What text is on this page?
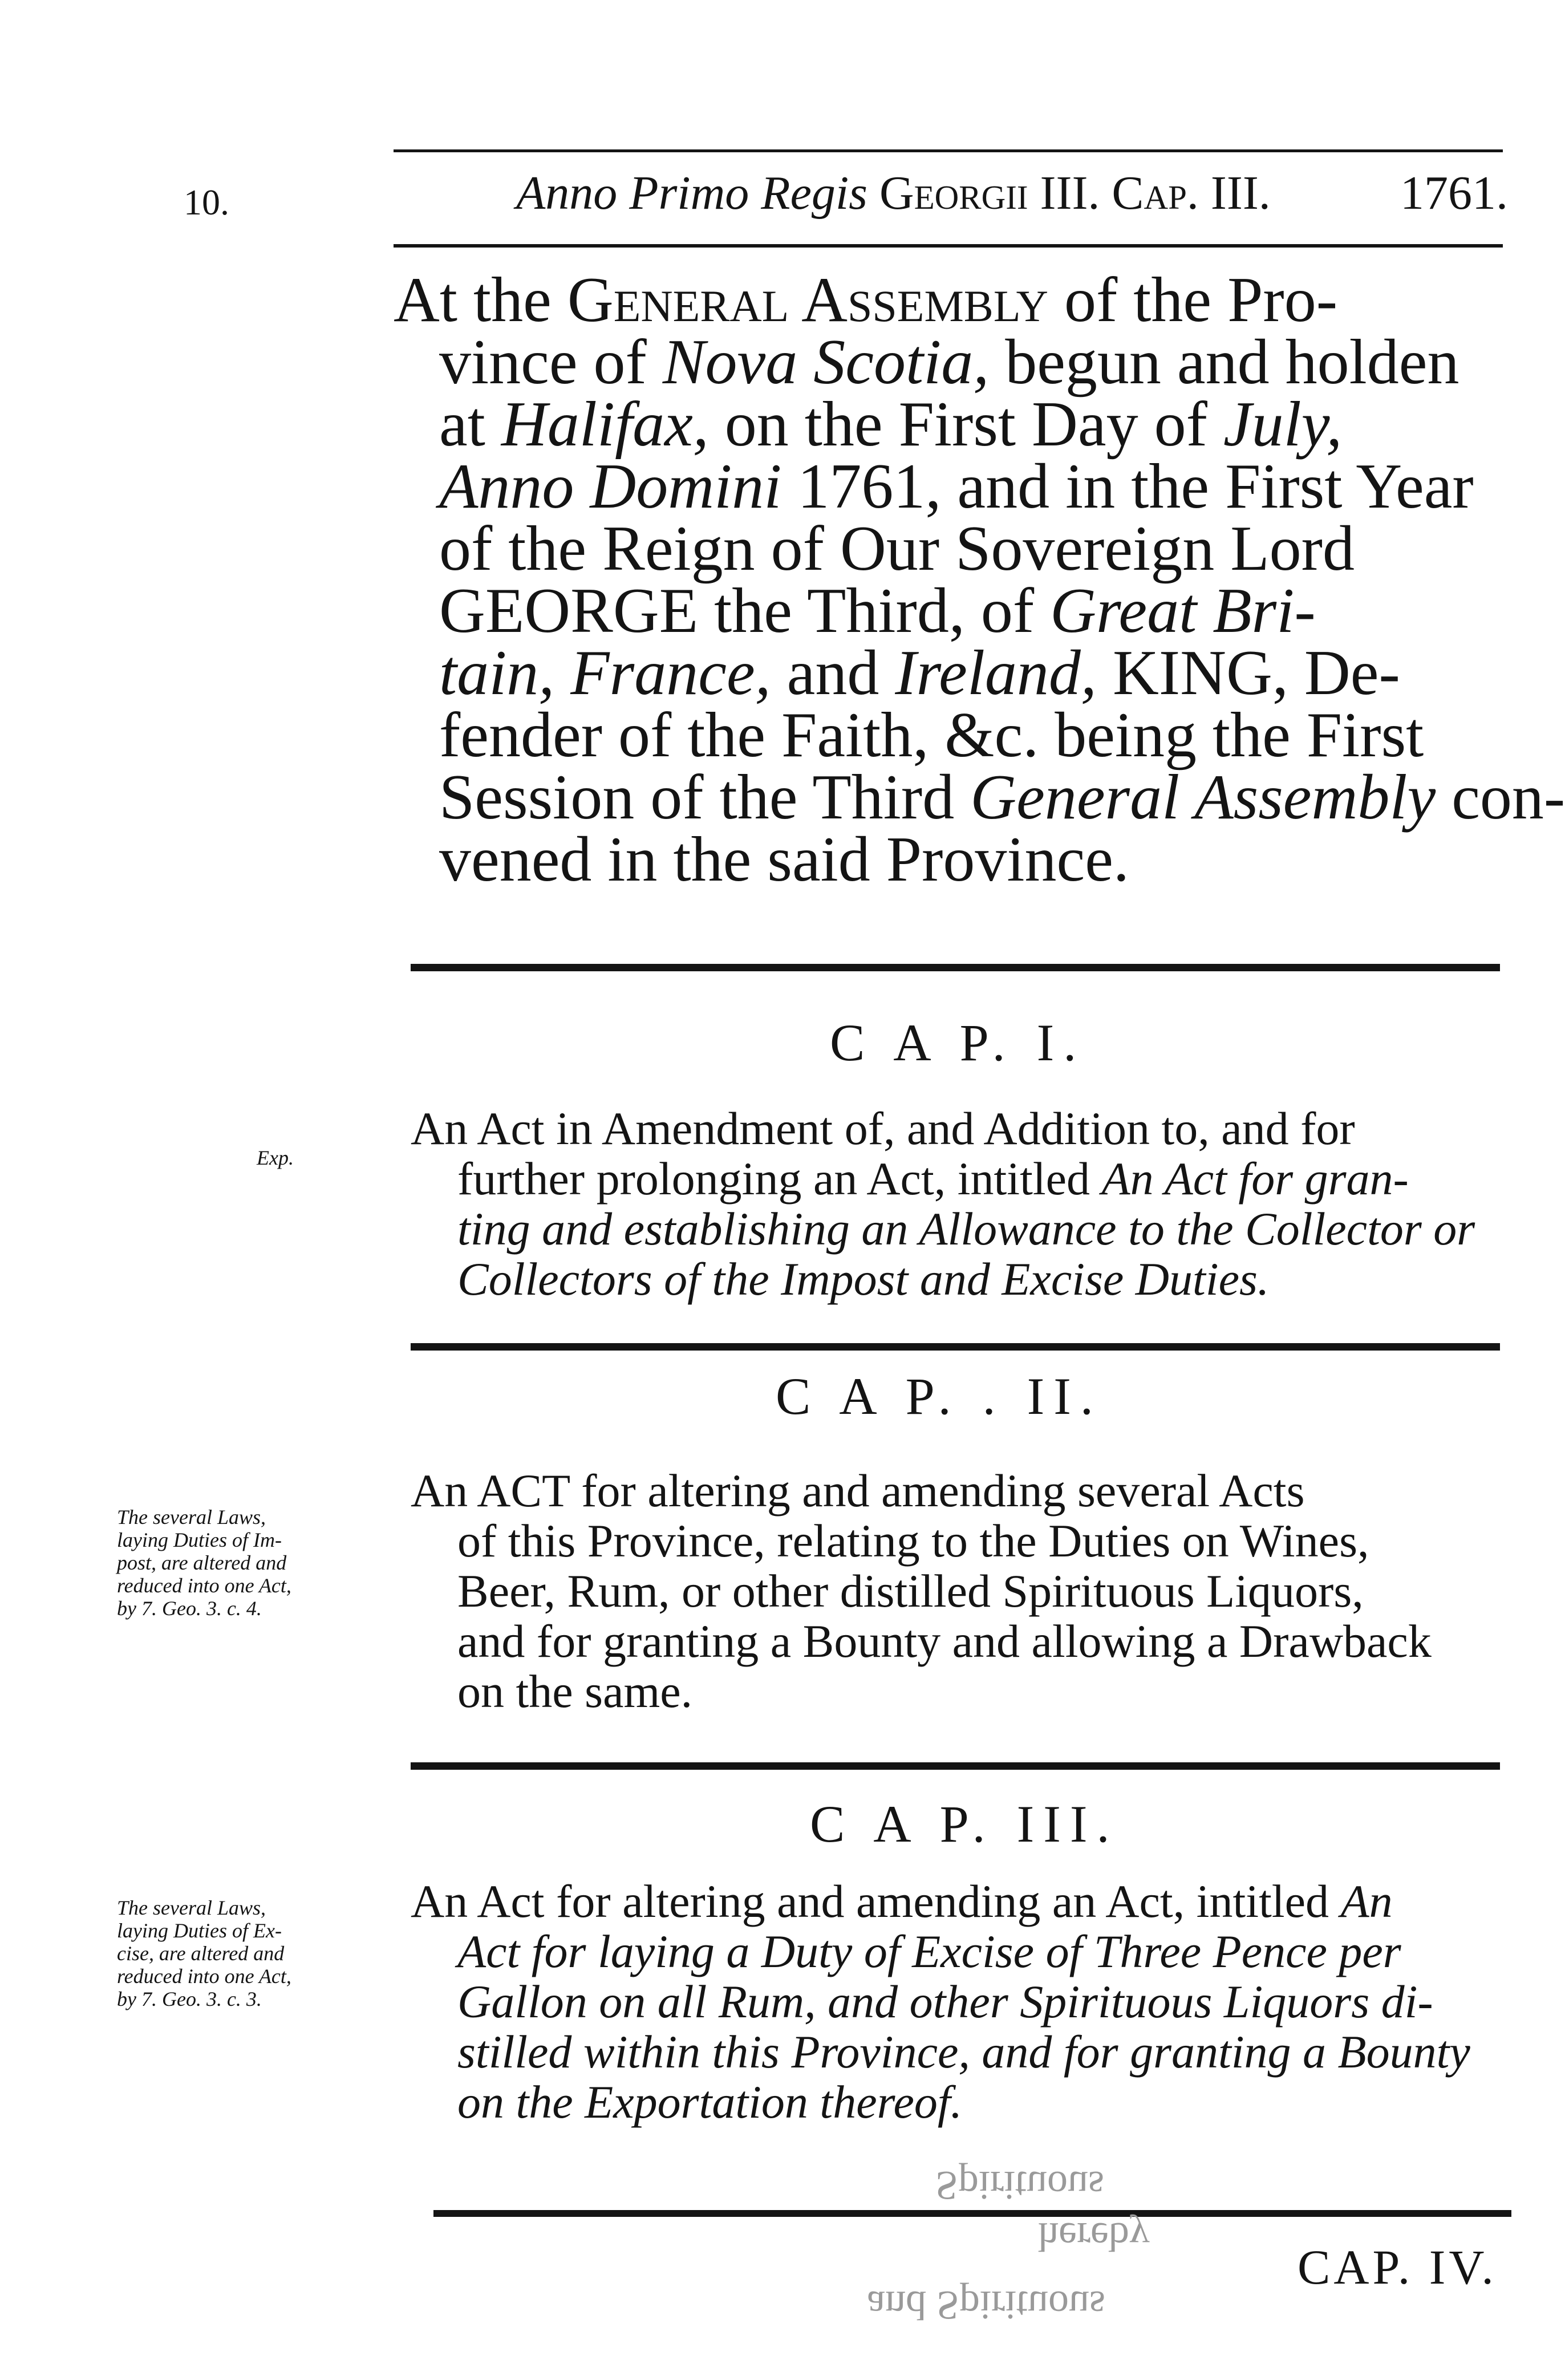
10.	Anno Primo Regis Georgii III. Cap. III.	1761.
At the General Assembly of the Pro-
vince of Nova Scotia, begun and holden
at Halifax, on the First Day of July,
Anno Domini 1761, and in the First Year
of the Reign of Our Sovereign Lord
GEORGE the Third, of Great Bri-
tain, France, and Ireland, KING, De-
fender of the Faith, &c. being the First
Session of the Third General Assembly con-
vened in the said Province.
C A P. I.
An Act in Amendment of, and Addition to, and for
further prolonging an Act, intitled An Act for gran-
ting and establishing an Allowance to the Collector or
Collectors of the Impost and Excise Duties.
Exp.
C A P. . II.
An ACT for altering and amending several Acts
of this Province, relating to the Duties on Wines,
Beer, Rum, or other distilled Spirituous Liquors,
and for granting a Bounty and allowing a Drawback
on the same.
The several Laws,
laying Duties of Im-
post, are altered and
reduced into one Act,
by 7. Geo. 3. c. 4.
C A P. III.
An Act for altering and amending an Act, intitled An
Act for laying a Duty of Excise of Three Pence per
Gallon on all Rum, and other Spirituous Liquors di-
stilled within this Province, and for granting a Bounty
on the Exportation thereof.
The several Laws,
laying Duties of Ex-
cise, are altered and
reduced into one Act,
by 7. Geo. 3. c. 3.
Spirituous
hereby
and Spirituous
CAP. IV.
